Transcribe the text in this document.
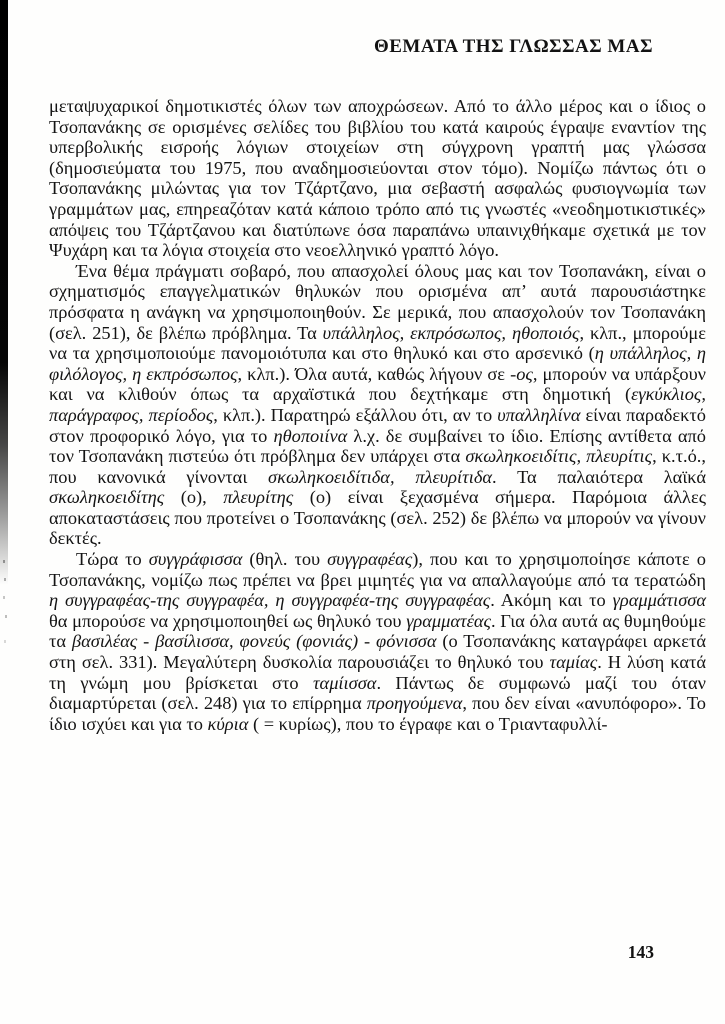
ΘΕΜΑΤΑ ΤΗΣ ΓΛΩΣΣΑΣ ΜΑΣ

μεταψυχαρικοί δημοτικιστές όλων των αποχρώσεων. Από το άλλο μέρος και ο ίδιος ο Τσοπανάκης σε ορισμένες σελίδες του βιβλίου του κατά καιρούς έγραψε εναντίον της υπερβολικής εισροής λόγιων στοιχείων στη σύγχρονη γραπτή μας γλώσσα (δημοσιεύματα του 1975, που αναδημοσιεύονται στον τόμο). Νομίζω πάντως ότι ο Τσοπανάκης μιλώντας για τον Τζάρτζανο, μια σεβαστή ασφαλώς φυσιογνωμία των γραμμάτων μας, επηρεαζόταν κατά κάποιο τρόπο από τις γνωστές «νεοδημοτικιστικές» απόψεις του Τζάρτζανου και διατύπωνε όσα παραπάνω υπαινιχθήκαμε σχετικά με τον Ψυχάρη και τα λόγια στοιχεία στο νεοελληνικό γραπτό λόγο.

Ένα θέμα πράγματι σοβαρό, που απασχολεί όλους μας και τον Τσοπανάκη, είναι ο σχηματισμός επαγγελματικών θηλυκών που ορισμένα απ’ αυτά παρουσιάστηκε πρόσφατα η ανάγκη να χρησιμοποιηθούν. Σε μερικά, που απασχολούν τον Τσοπανάκη (σελ. 251), δε βλέπω πρόβλημα. Τα υπάλληλος, εκπρόσωπος, ηθοποιός, κλπ., μπορούμε να τα χρησιμοποιούμε πανομοιότυπα και στο θηλυκό και στο αρσενικό (η υπάλληλος, η φιλόλογος, η εκπρόσωπος, κλπ.). Όλα αυτά, καθώς λήγουν σε -ος, μπορούν να υπάρξουν και να κλιθούν όπως τα αρχαϊστικά που δεχτήκαμε στη δημοτική (εγκύκλιος, παράγραφος, περίοδος, κλπ.). Παρατηρώ εξάλλου ότι, αν το υπαλληλίνα είναι παραδεκτό στον προφορικό λόγο, για το ηθοποιίνα λ.χ. δε συμβαίνει το ίδιο. Επίσης αντίθετα από τον Τσοπανάκη πιστεύω ότι πρόβλημα δεν υπάρχει στα σκωληκοειδίτις, πλευρίτις, κ.τ.ό., που κανονικά γίνονται σκωληκοειδίτιδα, πλευρίτιδα. Τα παλαιότερα λαϊκά σκωληκοειδίτης (ο), πλευρίτης (ο) είναι ξεχασμένα σήμερα. Παρόμοια άλλες αποκαταστάσεις που προτείνει ο Τσοπανάκης (σελ. 252) δε βλέπω να μπορούν να γίνουν δεκτές.

Τώρα το συγγράφισσα (θηλ. του συγγραφέας), που και το χρησιμοποίησε κάποτε ο Τσοπανάκης, νομίζω πως πρέπει να βρει μιμητές για να απαλλαγούμε από τα τερατώδη η συγγραφέας-της συγγραφέα, η συγγραφέα-της συγγραφέας. Ακόμη και το γραμμάτισσα θα μπορούσε να χρησιμοποιηθεί ως θηλυκό του γραμματέας. Για όλα αυτά ας θυμηθούμε τα βασιλέας - βασίλισσα, φονεύς (φονιάς) - φόνισσα (ο Τσοπανάκης καταγράφει αρκετά στη σελ. 331). Μεγαλύτερη δυσκολία παρουσιάζει το θηλυκό του ταμίας. Η λύση κατά τη γνώμη μου βρίσκεται στο ταμίισσα. Πάντως δε συμφωνώ μαζί του όταν διαμαρτύρεται (σελ. 248) για το επίρρημα προηγούμενα, που δεν είναι «ανυπόφορο». Το ίδιο ισχύει και για το κύρια ( = κυρίως), που το έγραφε και ο Τριανταφυλλί-

143
